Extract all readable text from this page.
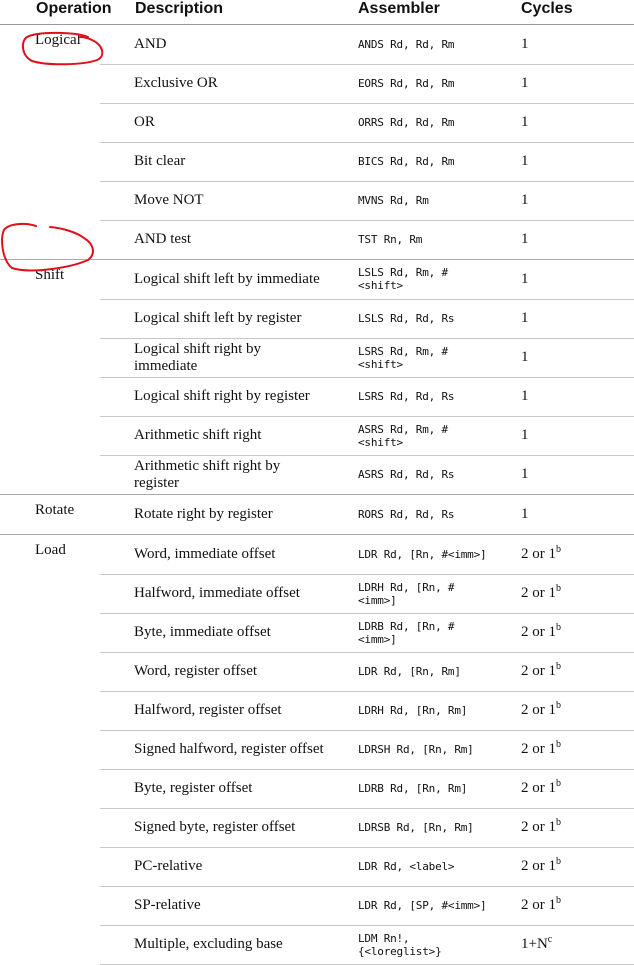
Operation	Description	Assembler	Cycles
Logical	AND	ANDS Rd, Rd, Rm	1
	Exclusive OR	EORS Rd, Rd, Rm	1
	OR	ORRS Rd, Rd, Rm	1
	Bit clear	BICS Rd, Rd, Rm	1
	Move NOT	MVNS Rd, Rm	1
	AND test	TST Rn, Rm	1
Shift	Logical shift left by immediate	LSLS Rd, Rm, #<shift>	1
	Logical shift left by register	LSLS Rd, Rd, Rs	1
	Logical shift right by immediate	LSRS Rd, Rm, #<shift>	1
	Logical shift right by register	LSRS Rd, Rd, Rs	1
	Arithmetic shift right	ASRS Rd, Rm, #<shift>	1
	Arithmetic shift right by register	ASRS Rd, Rd, Rs	1
Rotate	Rotate right by register	RORS Rd, Rd, Rs	1
Load	Word, immediate offset	LDR Rd, [Rn, #<imm>]	2 or 1$^b$
	Halfword, immediate offset	LDRH Rd, [Rn, #<imm>]	2 or 1$^b$
	Byte, immediate offset	LDRB Rd, [Rn, #<imm>]	2 or 1$^b$
	Word, register offset	LDR Rd, [Rn, Rm]	2 or 1$^b$
	Halfword, register offset	LDRH Rd, [Rn, Rm]	2 or 1$^b$
	Signed halfword, register offset	LDRSH Rd, [Rn, Rm]	2 or 1$^b$
	Byte, register offset	LDRB Rd, [Rn, Rm]	2 or 1$^b$
	Signed byte, register offset	LDRSB Rd, [Rn, Rm]	2 or 1$^b$
	PC-relative	LDR Rd, <label>	2 or 1$^b$
	SP-relative	LDR Rd, [SP, #<imm>]	2 or 1$^b$
	Multiple, excluding base	LDM Rn!, {<loreglist>}	$1+N^c$
